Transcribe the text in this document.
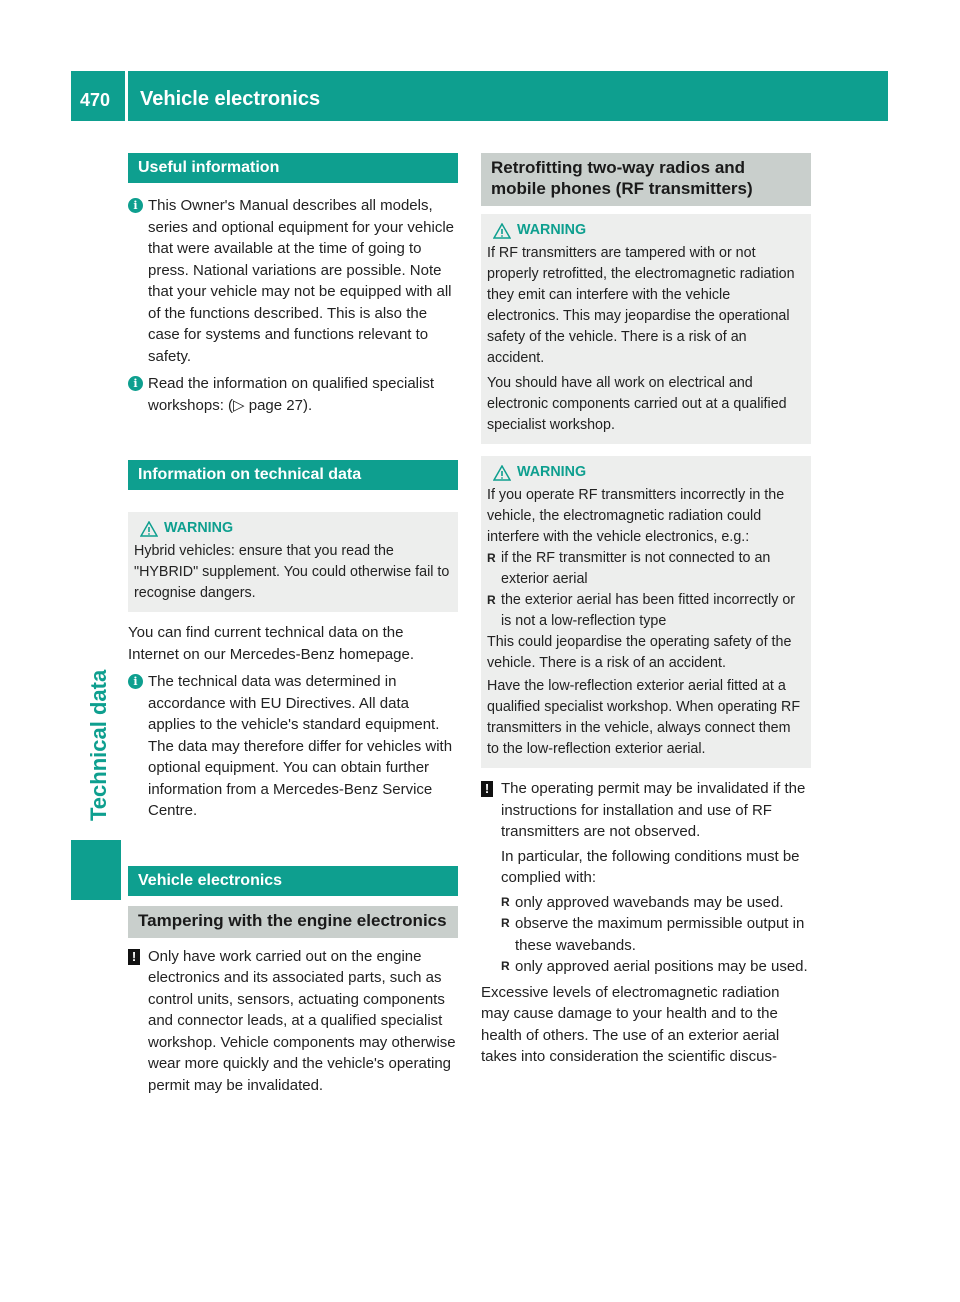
470 Vehicle electronics
Technical data
Useful information
i This Owner's Manual describes all models, series and optional equipment for your vehicle that were available at the time of going to press. National variations are possible. Note that your vehicle may not be equipped with all of the functions described. This is also the case for systems and functions relevant to safety.

i Read the information on qualified specialist workshops: (▷ page 27).

Information on technical data
WARNING

Hybrid vehicles: ensure that you read the "HYBRID" supplement. You could otherwise fail to recognise dangers.

You can find current technical data on the Internet on our Mercedes-Benz homepage.

i The technical data was determined in accordance with EU Directives. All data applies to the vehicle's standard equipment. The data may therefore differ for vehicles with optional equipment. You can obtain further information from a Mercedes-Benz Service Centre.

Vehicle electronics
Tampering with the engine electronics
! Only have work carried out on the engine electronics and its associated parts, such as control units, sensors, actuating components and connector leads, at a qualified specialist workshop. Vehicle components may otherwise wear more quickly and the vehicle's operating permit may be invalidated.

Retrofitting two-way radios and mobile phones (RF transmitters)
WARNING

If RF transmitters are tampered with or not properly retrofitted, the electromagnetic radiation they emit can interfere with the vehicle electronics. This may jeopardise the operational safety of the vehicle. There is a risk of an accident.

You should have all work on electrical and electronic components carried out at a qualified specialist workshop.

WARNING

If you operate RF transmitters incorrectly in the vehicle, the electromagnetic radiation could interfere with the vehicle electronics, e.g.:

R if the RF transmitter is not connected to an exterior aerial
R the exterior aerial has been fitted incorrectly or is not a low-reflection type

This could jeopardise the operating safety of the vehicle. There is a risk of an accident.

Have the low-reflection exterior aerial fitted at a qualified specialist workshop. When operating RF transmitters in the vehicle, always connect them to the low-reflection exterior aerial.

! The operating permit may be invalidated if the instructions for installation and use of RF transmitters are not observed.

In particular, the following conditions must be complied with:

R only approved wavebands may be used.
R observe the maximum permissible output in these wavebands.
R only approved aerial positions may be used.

Excessive levels of electromagnetic radiation may cause damage to your health and to the health of others. The use of an exterior aerial takes into consideration the scientific discus-
